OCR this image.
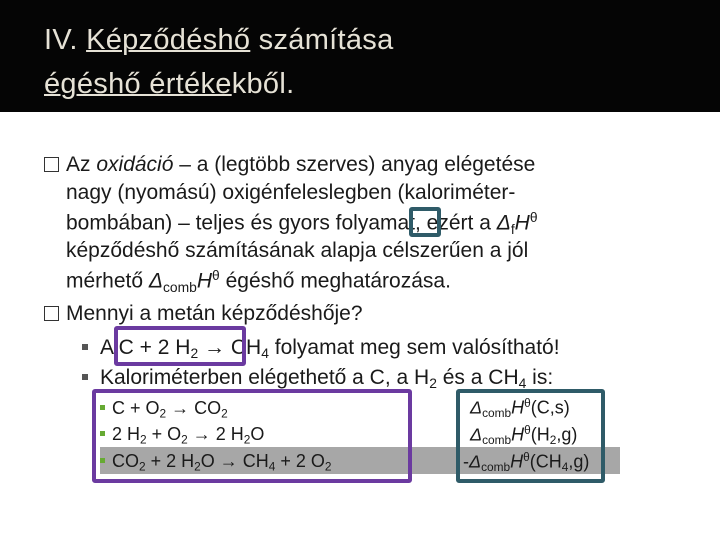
IV. Képződéshő számítása
égéshő értékekből.
Az oxidáció – a (legtöbb szerves) anyag elégetése
nagy (nyomású) oxigénfeleslegben (kaloriméter-
bombában) – teljes és gyors folyamat, ezért a $\Delta_fH^\theta$
képződéshő számításának alapja célszerűen a jól
mérhető $\Delta_{comb}H^\theta$ égéshő meghatározása.
Mennyi a metán képződéshője?
A C + 2 $H_2 \to CH_4$ folyamat meg sem valósítható!
Kaloriméterben elégethető a C, a $H_2$ és a $CH_4$ is:
$C + O_2 \to CO_2$
2 $H_2 + O_2 \to 2$ $H_2O$
$CO_2 + 2$ $H_2O \to CH_4 + 2$ $O_2$
$\Delta_{comb}H^\theta(C,s)$
$\Delta_{comb}H^\theta(H_2,g)$
$-\Delta_{comb}H^\theta(CH_4,g)$
